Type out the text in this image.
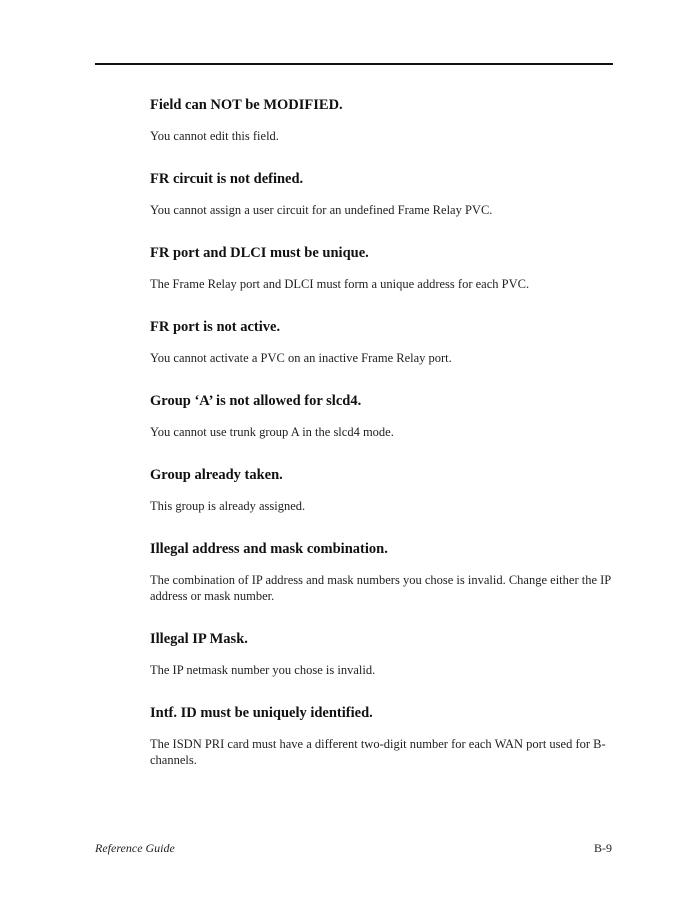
Field can NOT be MODIFIED.

You cannot edit this field.

FR circuit is not defined.

You cannot assign a user circuit for an undefined Frame Relay PVC.

FR port and DLCI must be unique.

The Frame Relay port and DLCI must form a unique address for each PVC.

FR port is not active.

You cannot activate a PVC on an inactive Frame Relay port.

Group ‘A’ is not allowed for slcd4.

You cannot use trunk group A in the slcd4 mode.

Group already taken.

This group is already assigned.

Illegal address and mask combination.

The combination of IP address and mask numbers you chose is invalid. Change either the IP address or mask number.

Illegal IP Mask.

The IP netmask number you chose is invalid.

Intf. ID must be uniquely identified.

The ISDN PRI card must have a different two-digit number for each WAN port used for B-channels.

Reference Guide	B-9
